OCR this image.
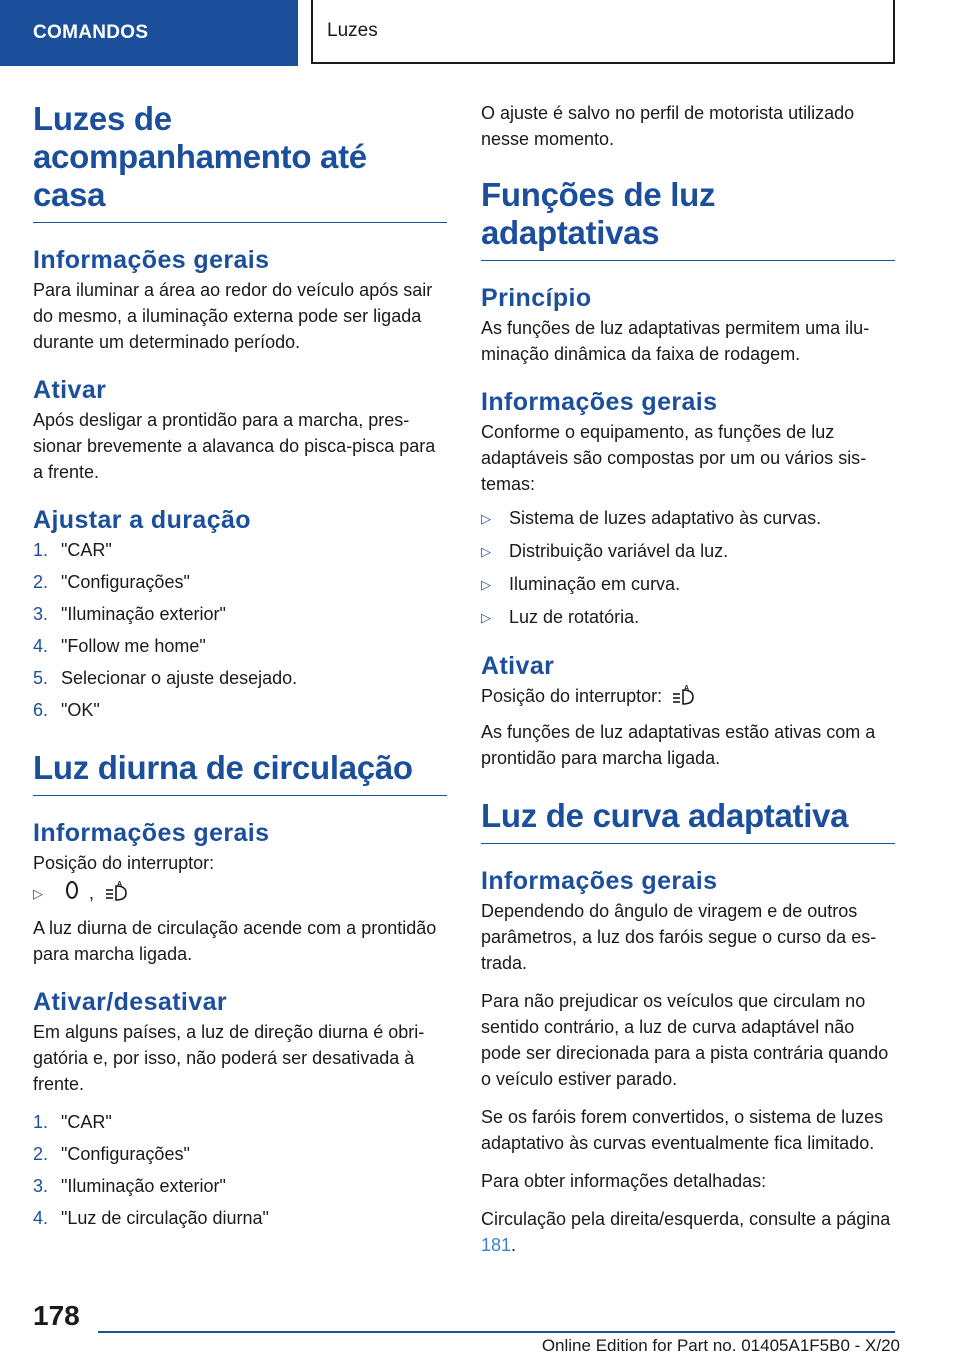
COMANDOS	Luzes
Luzes de acompanhamento até casa
Informações gerais

Para iluminar a área ao redor do veículo após sair do mesmo, a iluminação externa pode ser ligada durante um determinado período.

Ativar

Após desligar a prontidão para a marcha, pressionar brevemente a alavanca do pisca-pisca para a frente.

Ajustar a duração
1. "CAR"
2. "Configurações"
3. "Iluminação exterior"
4. "Follow me home"
5. Selecionar o ajuste desejado.
6. "OK"
Luz diurna de circulação
Informações gerais

Posição do interruptor:

▷	,	A

A luz diurna de circulação acende com a prontidão para marcha ligada.

Ativar/desativar

Em alguns países, a luz de direção diurna é obrigatória e, por isso, não poderá ser desativada à frente.

1. "CAR"
2. "Configurações"
3. "Iluminação exterior"
4. "Luz de circulação diurna"

O ajuste é salvo no perfil de motorista utilizado nesse momento.

Funções de luz adaptativas
Princípio

As funções de luz adaptativas permitem uma iluminação dinâmica da faixa de rodagem.

Informações gerais

Conforme o equipamento, as funções de luz adaptáveis são compostas por um ou vários sistemas:

▷	Sistema de luzes adaptativo às curvas.
▷	Distribuição variável da luz.
▷	Iluminação em curva.
▷	Luz de rotatória.
Ativar

Posição do interruptor:	A

As funções de luz adaptativas estão ativas com a prontidão para marcha ligada.

Luz de curva adaptativa
Informações gerais

Dependendo do ângulo de viragem e de outros parâmetros, a luz dos faróis segue o curso da estrada.

Para não prejudicar os veículos que circulam no sentido contrário, a luz de curva adaptável não pode ser direcionada para a pista contrária quando o veículo estiver parado.

Se os faróis forem convertidos, o sistema de luzes adaptativo às curvas eventualmente fica limitado.

Para obter informações detalhadas:

Circulação pela direita/esquerda, consulte a página 181.

178
Online Edition for Part no. 01405A1F5B0 - X/20
